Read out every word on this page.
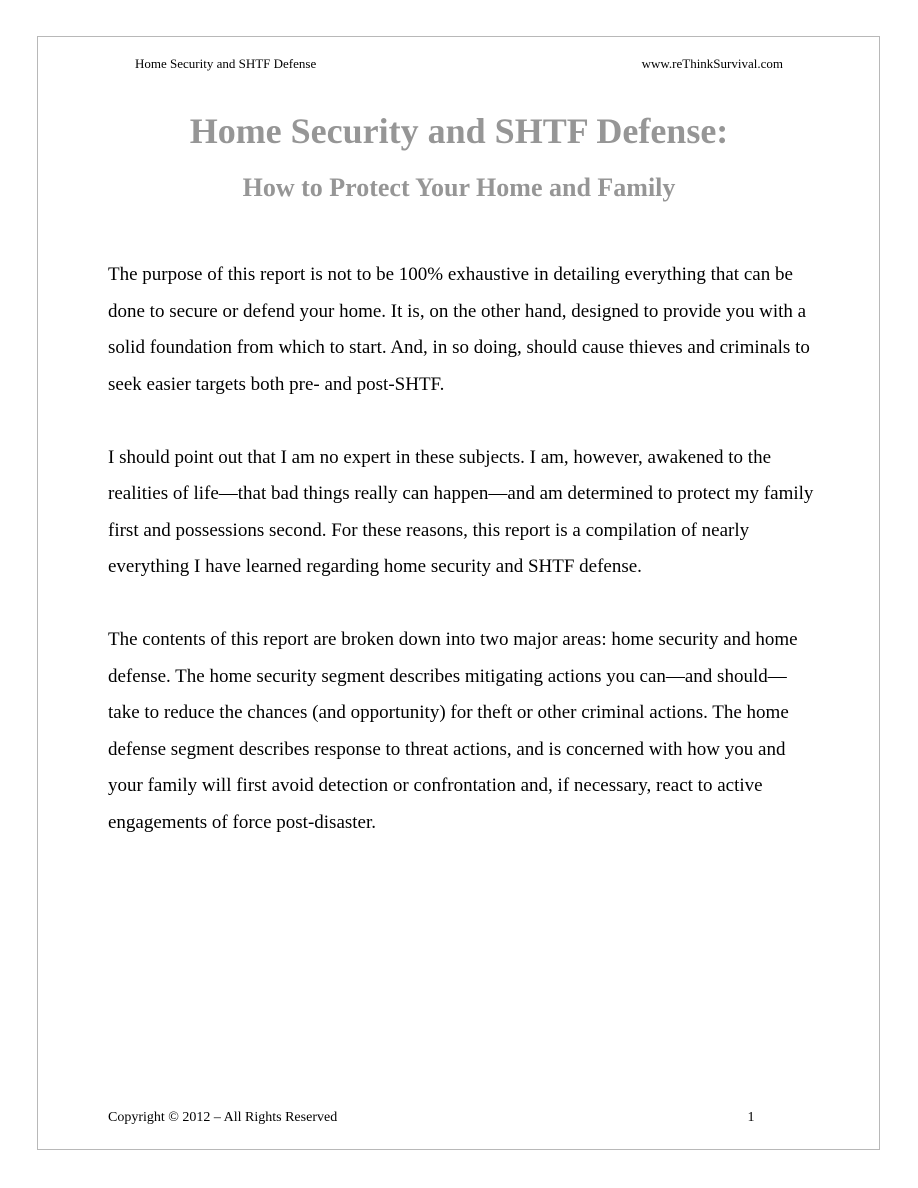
Home Security and SHTF Defense	www.reThinkSurvival.com
Home Security and SHTF Defense:
How to Protect Your Home and Family

The purpose of this report is not to be 100% exhaustive in detailing everything that can be done to secure or defend your home. It is, on the other hand, designed to provide you with a solid foundation from which to start. And, in so doing, should cause thieves and criminals to seek easier targets both pre- and post-SHTF.

I should point out that I am no expert in these subjects. I am, however, awakened to the realities of life—that bad things really can happen—and am determined to protect my family first and possessions second. For these reasons, this report is a compilation of nearly everything I have learned regarding home security and SHTF defense.

The contents of this report are broken down into two major areas: home security and home defense. The home security segment describes mitigating actions you can—and should—take to reduce the chances (and opportunity) for theft or other criminal actions. The home defense segment describes response to threat actions, and is concerned with how you and your family will first avoid detection or confrontation and, if necessary, react to active engagements of force post-disaster.

Copyright © 2012 – All Rights Reserved	1
